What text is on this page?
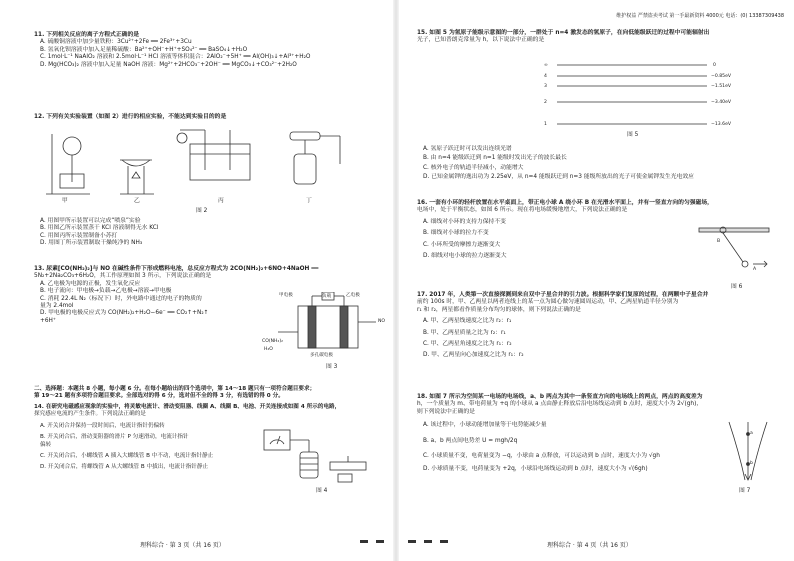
11. 下列相关反应的离子方程式正确的是
A. 硫酸铜溶液中加少量铁粉：3Cu²⁺+2Fe ══ 2Fe³⁺+3Cu
B. 氢氧化钡溶液中加入足量稀硫酸：Ba²⁺+OH⁻+H⁺+SO₄²⁻ ══ BaSO₄↓+H₂O
C. 1mol·L⁻¹ NaAlO₂ 溶液和 2.5mol·L⁻¹ HCl 溶液等体积混合：2AlO₂⁻+5H⁺ ══ Al(OH)₃↓+Al³⁺+H₂O
D. Mg(HCO₃)₂ 溶液中加入足量 NaOH 溶液：Mg²⁺+2HCO₃⁻+2OH⁻ ══ MgCO₃↓+CO₃²⁻+2H₂O
12. 下列有关实验装置（如图 2）进行的相应实验，不能达到实验目的的是
甲	乙	丙	丁
图 2
A. 用图甲所示装置可以完成“喷泉”实验
B. 用图乙所示装置蒸干 KCl 溶液制得无水 KCl
C. 用图丙所示装置制备小苏打
D. 用图丁所示装置制取干燥纯净的 NH₃
13. 尿素[CO(NH₂)₂]与 NO 在碱性条件下形成燃料电池，总反应方程式为 2CO(NH₂)₂+6NO+4NaOH ══
5N₂+2Na₂CO₃+6H₂O，其工作原理如图 3 所示，下列说法正确的是
A. 乙电极为电源的正极，发生氧化反应
B. 电子流向：甲电极→负载→乙电极→溶液→甲电极
C. 消耗 22.4L N₂（标况下）时，外电路中通过的电子的物质的
量为 2.4mol
D. 甲电极的电极反应式为 CO(NH₂)₂+H₂O−6e⁻ ══ CO₂↑+N₂↑
+6H⁺
甲电极	负载	乙电极
多孔碳电极
CO(NH₂)₂
H₂O
NO
图 3
二、选择题：本题共 8 小题，每小题 6 分。在每小题给出的四个选项中，第 14～18 题只有一项符合题目要求；
第 19～21 题有多项符合题目要求。全部选对的得 6 分，选对但不全的得 3 分，有选错的得 0 分。
14. 在研究电磁感应现象的实验中，将灵敏电流计、滑动变阻器、线圈 A、线圈 B、电池、开关连接成如图 4 所示的电路，
探究感应电流的产生条件。下列说法正确的是
A. 开关闭合并保持一段时间后，电流计指针仍偏转
B. 开关闭合后，滑动变阻器的滑片 P 匀速滑动，电流计指针
偏转
C. 开关闭合后，小螺线管 A 插入大螺线管 B 中不动，电流计指针静止
D. 开关闭合后，将螺线管 A 从大螺线管 B 中拔出，电流计指针静止
图 4
理科综合 · 第 3 页（共 16 页）
维护权益 严禁盗卖考试 第一手最新资料 4000元 电话：(0) 13387309438
15. 如图 5 为氢原子能级示意图的一部分，一群处于 n=4 激发态的氢原子，在向低能级跃迁的过程中可能辐射出
光子，已知普朗克常量为 h，以下说法中正确的是
∞	0
4	−0.85eV
3	−1.51eV
2	−3.40eV
1	−13.6eV
图 5
A. 氢原子跃迁时可以发出连续光谱
B. 由 n=4 能级跃迁到 n=1 能级时发出光子的波长最长
C. 核外电子的轨道半径减小，动能增大
D. 已知金属钾的逸出功为 2.25eV，从 n=4 能级跃迁到 n=3 能级所放出的光子可使金属钾发生光电效应
16. 一套有小环的轻杆放置在水平桌面上，带正电小球 A 绕小环 B 在光滑水平面上，并有一竖直方向的匀强磁场，
电场中，处于平衡状态，如图 6 所示。现在将电场缓慢地增大，下列说法正确的是
A. 细线对小环的支持力保持不变
B. 细线对小球的拉力不变
C. 小环所受的摩擦力逐渐变大
D. 细线对电小球的拉力逐渐变大
B
A
图 6
17. 2017 年，人类第一次直接探测到来自双中子星合并的引力波。根据科学家们复原的过程，在两颗中子星合并
前约 100s 时，甲、乙两星以两者连线上的某一点为圆心做匀速圆周运动，甲、乙两星轨道半径分别为
r₁ 和 r₂，两星都看作质量分布均匀的球体，则下列说法正确的是
A. 甲、乙两星线速度之比为 r₂：r₁
B. 甲、乙两星质量之比为 r₂：r₁
C. 甲、乙两星角速度之比为 r₁：r₂
D. 甲、乙两星向心加速度之比为 r₁：r₂
18. 如图 7 所示为空间某一电场的电场线，a、b 两点为其中一条竖直方向的电场线上的两点，两点的高度差为
h，一个质量为 m、带电荷量为 +q 的小球从 a 点由静止释放后沿电场线运动到 b 点时，速度大小为 2√(gh)，
则下列说法中正确的是
A. 该过程中，小球动能增加量等于电势能减少量
B. a、b 两点间电势差 U = mgh/2q
C. 小球质量不变，电荷量变为 −q，小球由 a 点释放，可以运动到 b 点时，速度大小为 √gh
D. 小球质量不变，电荷量变为 +2q，小球沿电场线运动到 b 点时，速度大小为 √(6gh)
a
b
图 7
理科综合 · 第 4 页（共 16 页）
